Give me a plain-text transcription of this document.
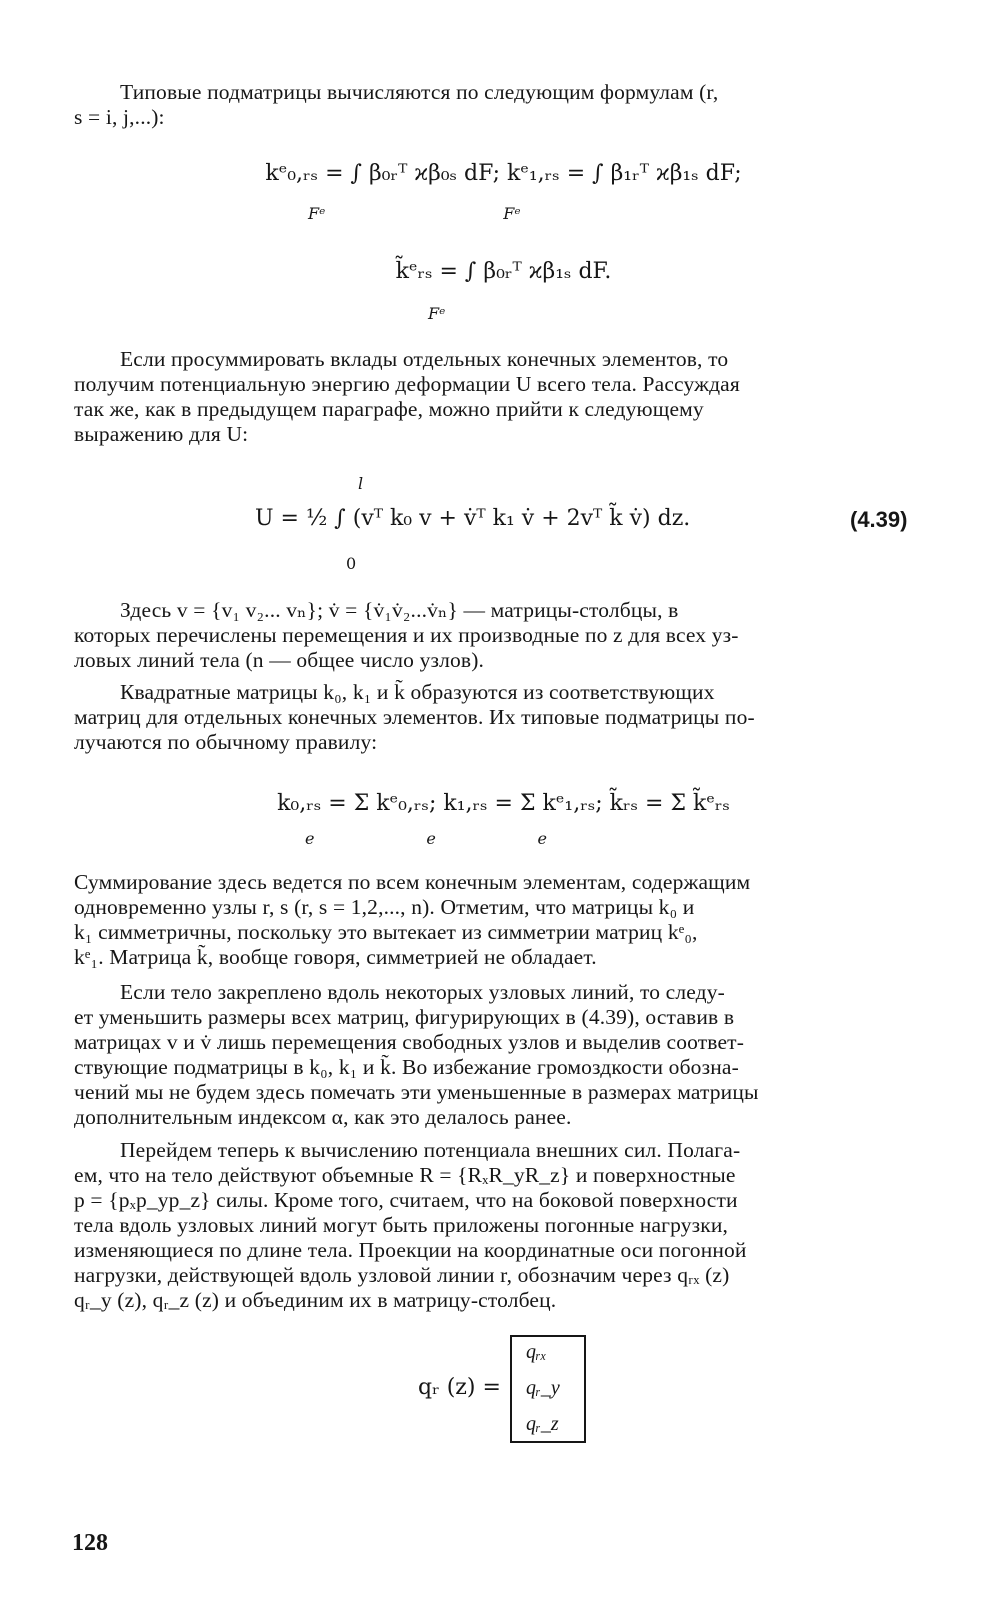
Типовые подматрицы вычисляются по следующим формулам (r,
s = i, j,...):
kᵉ₀,ᵣₛ = ∫ β₀ᵣᵀ ϰβ₀ₛ dF; kᵉ₁,ᵣₛ = ∫ β₁ᵣᵀ ϰβ₁ₛ dF;
Fᵉ                                   Fᵉ
k̃ᵉᵣₛ = ∫ β₀ᵣᵀ ϰβ₁ₛ dF.
Fᵉ
Если просуммировать вклады отдельных конечных элементов, то
получим потенциальную энергию деформации U всего тела. Рассуждая
так же, как в предыдущем параграфе, можно прийти к следующему
выражению для U:
l
U = ½ ∫ (vᵀ k₀ v + v̇ᵀ k₁ v̇ + 2vᵀ k̃ v̇) dz.
0
(4.39)
Здесь v = {v₁ v₂... vₙ}; v̇ = {v̇₁v̇₂...v̇ₙ} — матрицы-столбцы, в
которых перечислены перемещения и их производные по z для всех уз-
ловых линий тела (n — общее число узлов).
Квадратные матрицы k₀, k₁ и k̃ образуются из соответствующих
матриц для отдельных конечных элементов. Их типовые подматрицы по-
лучаются по обычному правилу:
k₀,ᵣₛ = Σ kᵉ₀,ᵣₛ; k₁,ᵣₛ = Σ kᵉ₁,ᵣₛ; k̃ᵣₛ = Σ k̃ᵉᵣₛ
e                      e                    e
Суммирование здесь ведется по всем конечным элементам, содержащим
одновременно узлы r, s (r, s = 1,2,..., n). Отметим, что матрицы k₀ и
k₁ симметричны, поскольку это вытекает из симметрии матриц kᵉ₀,
kᵉ₁. Матрица k̃, вообще говоря, симметрией не обладает.
Если тело закреплено вдоль некоторых узловых линий, то следу-
ет уменьшить размеры всех матриц, фигурирующих в (4.39), оставив в
матрицах v и v̇ лишь перемещения свободных узлов и выделив соответ-
ствующие подматрицы в k₀, k₁ и k̃. Во избежание громоздкости обозна-
чений мы не будем здесь помечать эти уменьшенные в размерах матрицы
дополнительным индексом α, как это делалось ранее.
Перейдем теперь к вычислению потенциала внешних сил. Полага-
ем, что на тело действуют объемные R = {RₓR_yR_z} и поверхностные
p = {pₓp_yp_z} силы. Кроме того, считаем, что на боковой поверхности
тела вдоль узловых линий могут быть приложены погонные нагрузки,
изменяющиеся по длине тела. Проекции на координатные оси погонной
нагрузки, действующей вдоль узловой линии r, обозначим через qᵣₓ (z)
qᵣ_y (z), qᵣ_z (z) и объединим их в матрицу-столбец.
qᵣ (z) =
qᵣₓ
qᵣ_y
qᵣ_z
128
